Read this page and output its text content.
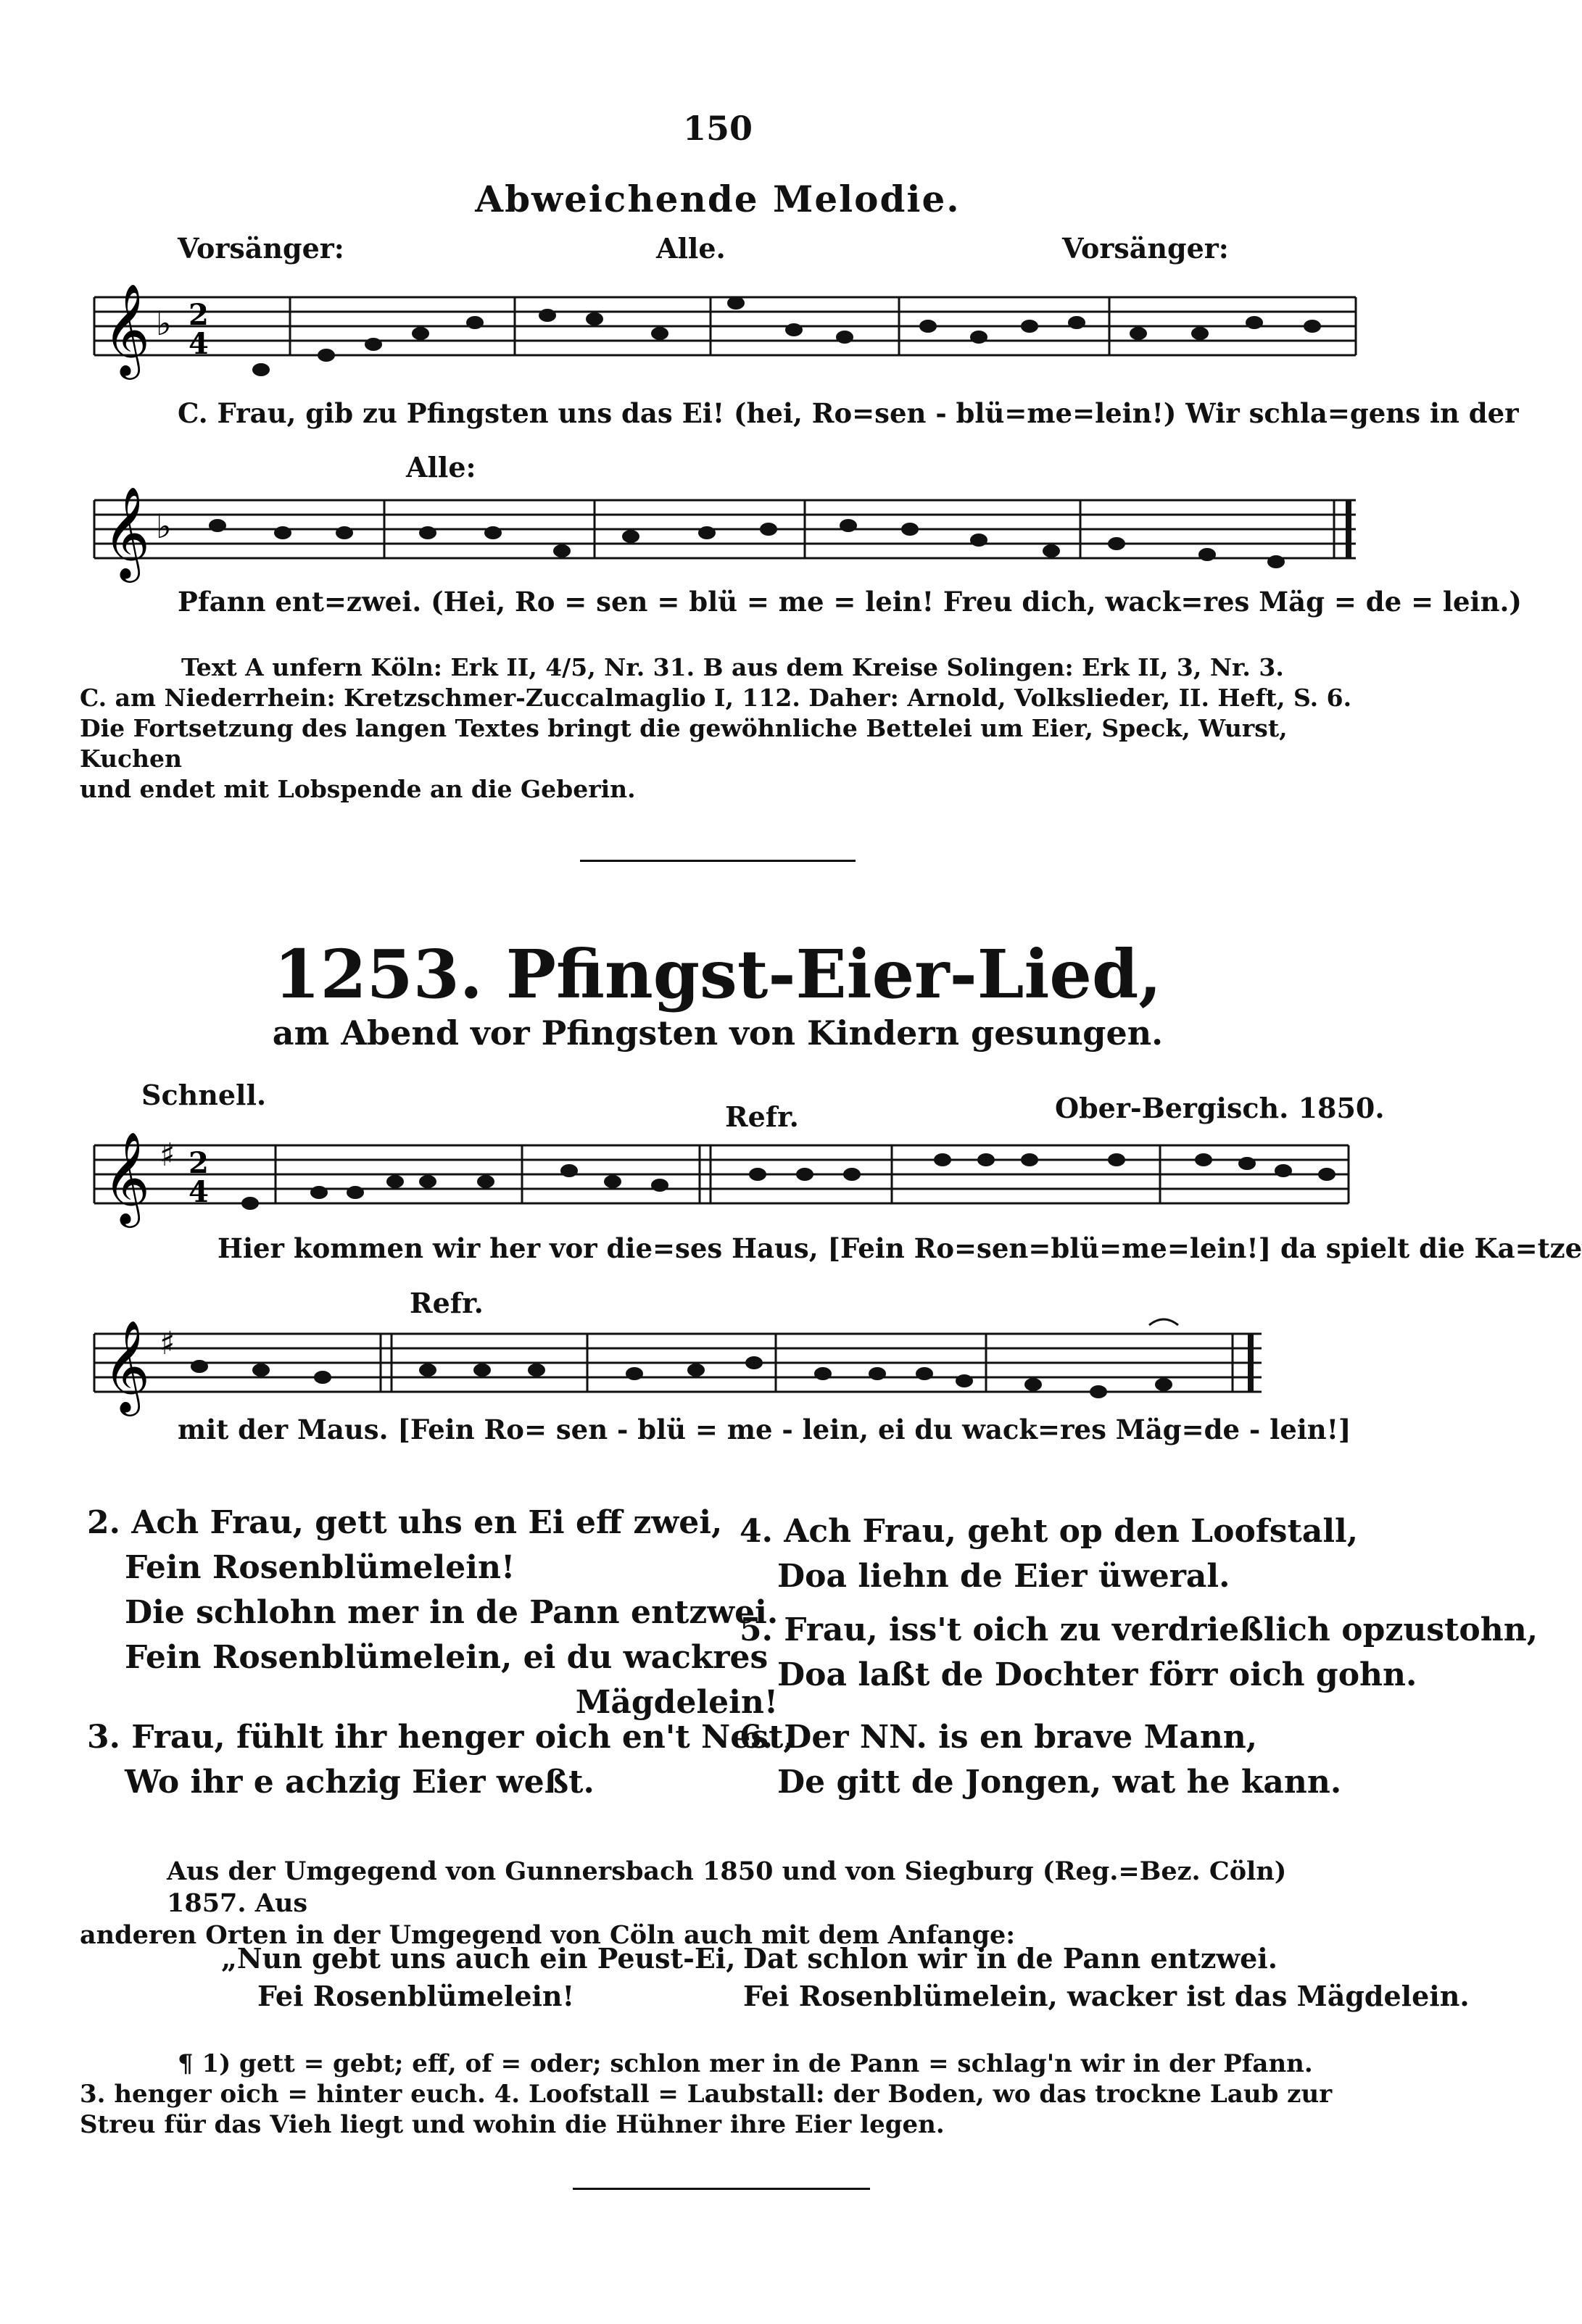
150
Abweichende Melodie.
Vorsänger:	Alle.	Vorsänger:
𝄞 ♭ 2
4
C. Frau, gib zu Pfingsten uns das Ei! (hei, Ro=sen - blü=me=lein!) Wir schla=gens in der
Alle:
𝄞 ♭
Pfann ent=zwei. (Hei, Ro = sen = blü = me = lein! Freu dich, wack=res Mäg = de = lein.)

Text A unfern Köln: Erk II, 4/5, Nr. 31. B aus dem Kreise Solingen: Erk II, 3, Nr. 3.

C. am Niederrhein: Kretzschmer-Zuccalmaglio I, 112. Daher: Arnold, Volkslieder, II. Heft, S. 6.

Die Fortsetzung des langen Textes bringt die gewöhnliche Bettelei um Eier, Speck, Wurst, Kuchen

und endet mit Lobspende an die Geberin.

1253. Pfingst-Eier-Lied,
am Abend vor Pfingsten von Kindern gesungen.
Schnell.
Refr.	Ober-Bergisch. 1850.
𝄞 ♯ 2
4
Hier kommen wir her vor die=ses Haus, [Fein Ro=sen=blü=me=lein!] da spielt die Ka=tze
Refr.
𝄞 ♯
mit der Maus. [Fein Ro= sen - blü = me - lein, ei du wack=res Mäg=de - lein!]
2. Ach Frau, gett uhs en Ei eff zwei,
Fein Rosenblümelein!
Die schlohn mer in de Pann entzwei.
Fein Rosenblümelein, ei du wackres
Mägdelein!
3. Frau, fühlt ihr henger oich en't Nest,
Wo ihr e achzig Eier weßt.
4. Ach Frau, geht op den Loofstall,
Doa liehn de Eier üweral.
5. Frau, iss't oich zu verdrießlich opzustohn,
Doa laßt de Dochter förr oich gohn.
6. Der NN. is en brave Mann,
De gitt de Jongen, wat he kann.
Aus der Umgegend von Gunnersbach 1850 und von Siegburg (Reg.=Bez. Cöln) 1857. Aus
anderen Orten in der Umgegend von Cöln auch mit dem Anfange:
„Nun gebt uns auch ein Peust-Ei,
Fei Rosenblümelein!
Dat schlon wir in de Pann entzwei.
Fei Rosenblümelein, wacker ist das Mägdelein.
¶ 1) gett = gebt; eff, of = oder; schlon mer in de Pann = schlag'n wir in der Pfann.
3. henger oich = hinter euch. 4. Loofstall = Laubstall: der Boden, wo das trockne Laub zur
Streu für das Vieh liegt und wohin die Hühner ihre Eier legen.
